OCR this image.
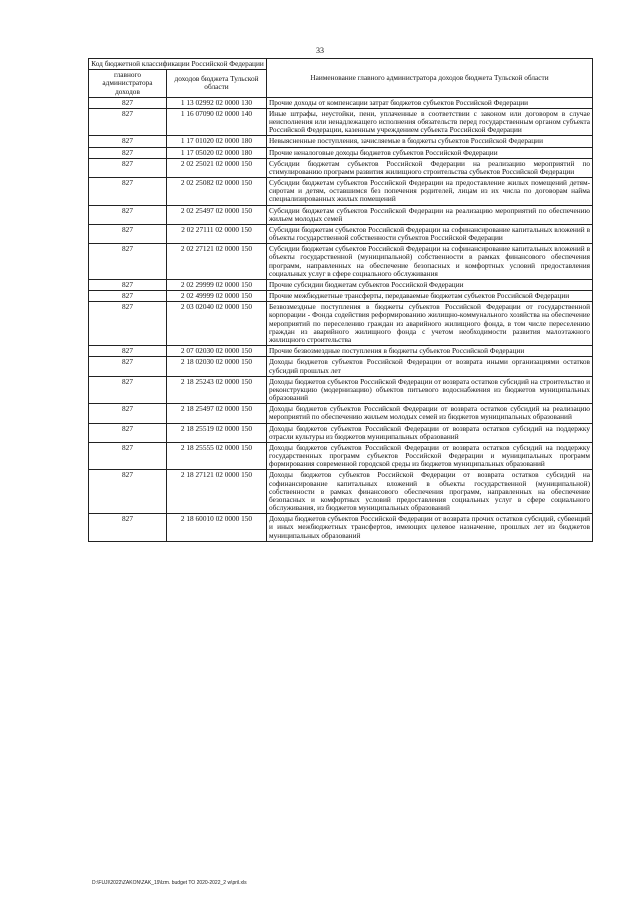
33
Код бюджетной классификации Российской Федерации		Наименование главного администратора доходов бюджета Тульской области
главного администратора доходов	доходов бюджета Тульской области	
827	1 13 02992 02 0000 130	Прочие доходы от компенсации затрат бюджетов субъектов Российской Федерации
827	1 16 07090 02 0000 140	Иные штрафы, неустойки, пени, уплаченные в соответствии с законом или договором в случае неисполнения или ненадлежащего исполнения обязательств перед государственным органом субъекта Российской Федерации, казенным учреждением субъекта Российской Федерации
827	1 17 01020 02 0000 180	Невыясненные поступления, зачисляемые в бюджеты субъектов Российской Федерации
827	1 17 05020 02 0000 180	Прочие неналоговые доходы бюджетов субъектов Российской Федерации
827	2 02 25021 02 0000 150	Субсидии бюджетам субъектов Российской Федерации на реализацию мероприятий по стимулированию программ развития жилищного строительства субъектов Российской Федерации
827	2 02 25082 02 0000 150	Субсидии бюджетам субъектов Российской Федерации на предоставление жилых помещений детям-сиротам и детям, оставшимся без попечения родителей, лицам из их числа по договорам найма специализированных жилых помещений
827	2 02 25497 02 0000 150	Субсидии бюджетам субъектов Российской Федерации на реализацию мероприятий по обеспечению жильем молодых семей
827	2 02 27111 02 0000 150	Субсидии бюджетам субъектов Российской Федерации на софинансирование капитальных вложений в объекты государственной собственности субъектов Российской Федерации
827	2 02 27121 02 0000 150	Субсидии бюджетам субъектов Российской Федерации на софинансирование капитальных вложений в объекты государственной (муниципальной) собственности в рамках финансового обеспечения программ, направленных на обеспечение безопасных и комфортных условий предоставления социальных услуг в сфере социального обслуживания
827	2 02 29999 02 0000 150	Прочие субсидии бюджетам субъектов Российской Федерации
827	2 02 49999 02 0000 150	Прочие межбюджетные трансферты, передаваемые бюджетам субъектов Российской Федерации
827	2 03 02040 02 0000 150	Безвозмездные поступления в бюджеты субъектов Российской Федерации от государственной корпорации - Фонда содействия реформированию жилищно-коммунального хозяйства на обеспечение мероприятий по переселению граждан из аварийного жилищного фонда, в том числе переселению граждан из аварийного жилищного фонда с учетом необходимости развития малоэтажного жилищного строительства
827	2 07 02030 02 0000 150	Прочие безвозмездные поступления в бюджеты субъектов Российской Федерации
827	2 18 02030 02 0000 150	Доходы бюджетов субъектов Российской Федерации от возврата иными организациями остатков субсидий прошлых лет
827	2 18 25243 02 0000 150	Доходы бюджетов субъектов Российской Федерации от возврата остатков субсидий на строительство и реконструкцию (модернизацию) объектов питьевого водоснабжения из бюджетов муниципальных образований
827	2 18 25497 02 0000 150	Доходы бюджетов субъектов Российской Федерации от возврата остатков субсидий на реализацию мероприятий по обеспечению жильем молодых семей из бюджетов муниципальных образований
827	2 18 25519 02 0000 150	Доходы бюджетов субъектов Российской Федерации от возврата остатков субсидий на поддержку отрасли культуры из бюджетов муниципальных образований
827	2 18 25555 02 0000 150	Доходы бюджетов субъектов Российской Федерации от возврата остатков субсидий на поддержку государственных программ субъектов Российской Федерации и муниципальных программ формирования современной городской среды из бюджетов муниципальных образований
827	2 18 27121 02 0000 150	Доходы бюджетов субъектов Российской Федерации от возврата остатков субсидий на софинансирование капитальных вложений в объекты государственной (муниципальной) собственности в рамках финансового обеспечения программ, направленных на обеспечение безопасных и комфортных условий предоставления социальных услуг в сфере социального обслуживания, из бюджетов муниципальных образований
827	2 18 60010 02 0000 150	Доходы бюджетов субъектов Российской Федерации от возврата прочих остатков субсидий, субвенций и иных межбюджетных трансфертов, имеющих целевое назначение, прошлых лет из бюджетов муниципальных образований
D:\FUJI\2022\ZAKON\ZAK_19\Izm. budget TO 2020-2022_2 w\pril.xls
